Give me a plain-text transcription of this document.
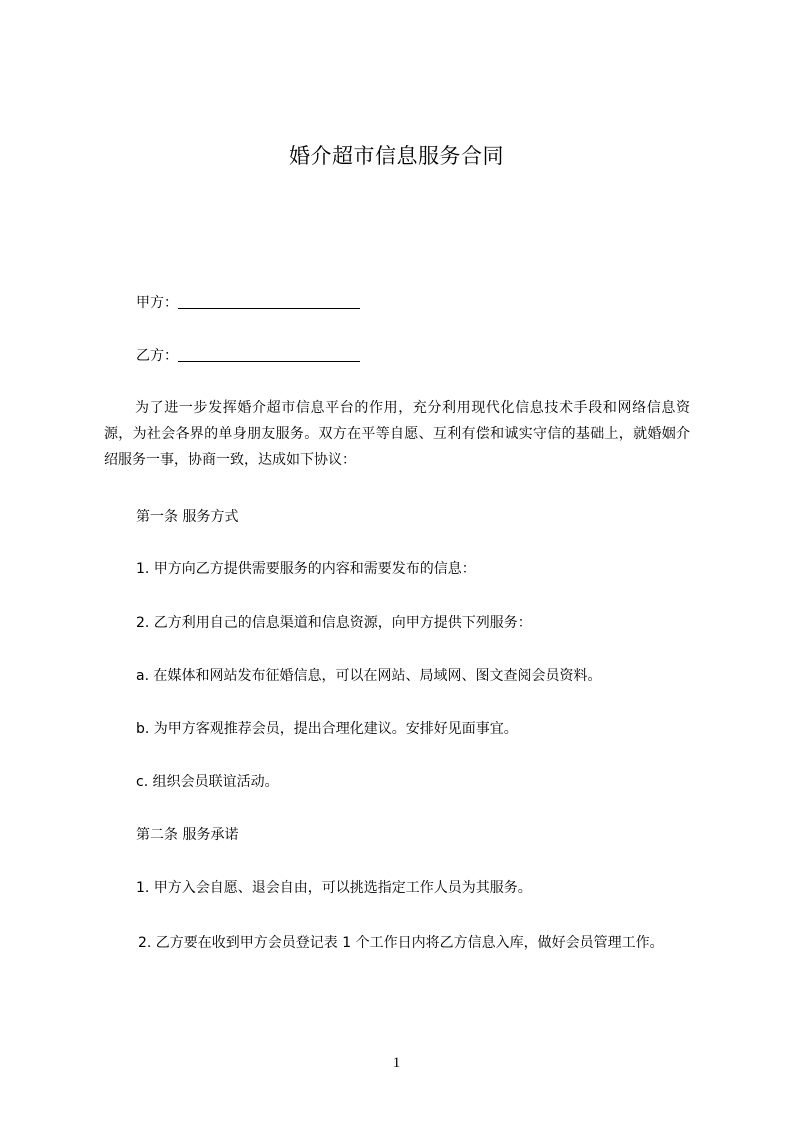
婚介超市信息服务合同
甲方：
乙方：
为了进一步发挥婚介超市信息平台的作用，充分利用现代化信息技术手段和网络信息资源，为社会各界的单身朋友服务。双方在平等自愿、互利有偿和诚实守信的基础上，就婚姻介绍服务一事，协商一致，达成如下协议：
第一条 服务方式
1. 甲方向乙方提供需要服务的内容和需要发布的信息：
2. 乙方利用自己的信息渠道和信息资源，向甲方提供下列服务：
a. 在媒体和网站发布征婚信息，可以在网站、局域网、图文查阅会员资料。
b. 为甲方客观推荐会员，提出合理化建议。安排好见面事宜。
c. 组织会员联谊活动。
第二条 服务承诺
1. 甲方入会自愿、退会自由，可以挑选指定工作人员为其服务。
2. 乙方要在收到甲方会员登记表 1 个工作日内将乙方信息入库，做好会员管理工作。
1
